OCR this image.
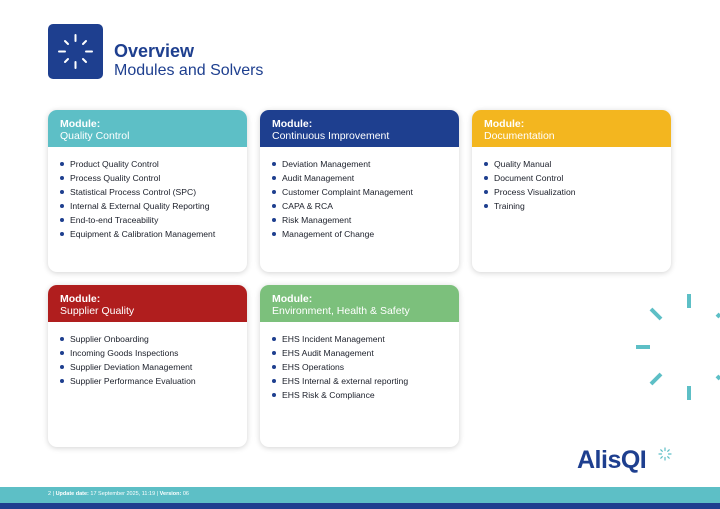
Overview
Modules and Solvers
Module:
Quality Control
Product Quality Control
Process Quality Control
Statistical Process Control (SPC)
Internal & External Quality Reporting
End-to-end Traceability
Equipment & Calibration Management
Module:
Continuous Improvement
Deviation Management
Audit Management
Customer Complaint Management
CAPA & RCA
Risk Management
Management of Change
Module:
Documentation
Quality Manual
Document Control
Process Visualization
Training
Module:
Supplier Quality
Supplier Onboarding
Incoming Goods Inspections
Supplier Deviation Management
Supplier Performance Evaluation
Module:
Environment, Health & Safety
EHS Incident Management
EHS Audit Management
EHS Operations
EHS Internal & external reporting
EHS Risk & Compliance
AlisQI
2 | Update date: 17 September 2025, 11:19 | Version: 06
